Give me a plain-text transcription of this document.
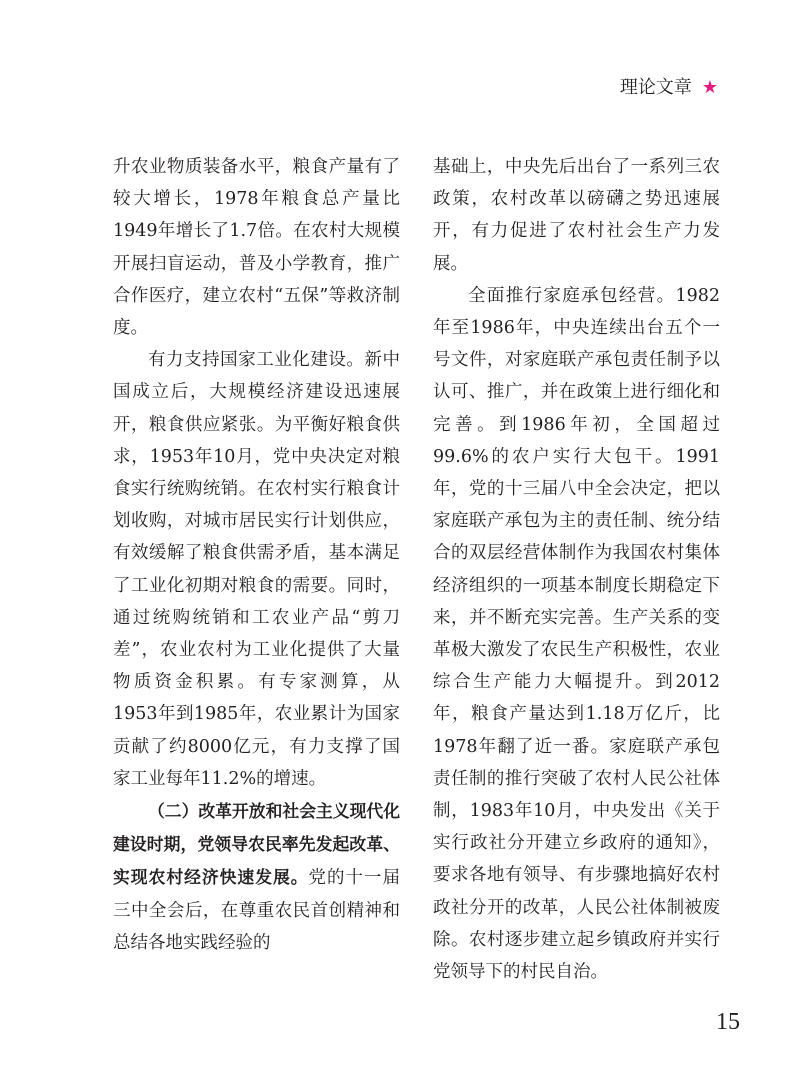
理论文章 ★

升农业物质装备水平，粮食产量有了较大增长，1978年粮食总产量比1949年增长了1.7倍。在农村大规模开展扫盲运动，普及小学教育，推广合作医疗，建立农村“五保”等救济制度。

有力支持国家工业化建设。新中国成立后，大规模经济建设迅速展开，粮食供应紧张。为平衡好粮食供求，1953年10月，党中央决定对粮食实行统购统销。在农村实行粮食计划收购，对城市居民实行计划供应，有效缓解了粮食供需矛盾，基本满足了工业化初期对粮食的需要。同时，通过统购统销和工农业产品“剪刀差”，农业农村为工业化提供了大量物质资金积累。有专家测算，从1953年到1985年，农业累计为国家贡献了约8000亿元，有力支撑了国家工业每年11.2%的增速。

（二）改革开放和社会主义现代化建设时期，党领导农民率先发起改革、实现农村经济快速发展。党的十一届三中全会后，在尊重农民首创精神和总结各地实践经验的

基础上，中央先后出台了一系列三农政策，农村改革以磅礴之势迅速展开，有力促进了农村社会生产力发展。

全面推行家庭承包经营。1982年至1986年，中央连续出台五个一号文件，对家庭联产承包责任制予以认可、推广，并在政策上进行细化和完善。到1986年初，全国超过99.6%的农户实行大包干。1991年，党的十三届八中全会决定，把以家庭联产承包为主的责任制、统分结合的双层经营体制作为我国农村集体经济组织的一项基本制度长期稳定下来，并不断充实完善。生产关系的变革极大激发了农民生产积极性，农业综合生产能力大幅提升。到2012年，粮食产量达到1.18万亿斤，比1978年翻了近一番。家庭联产承包责任制的推行突破了农村人民公社体制，1983年10月，中央发出《关于实行政社分开建立乡政府的通知》，要求各地有领导、有步骤地搞好农村政社分开的改革，人民公社体制被废除。农村逐步建立起乡镇政府并实行党领导下的村民自治。

15
